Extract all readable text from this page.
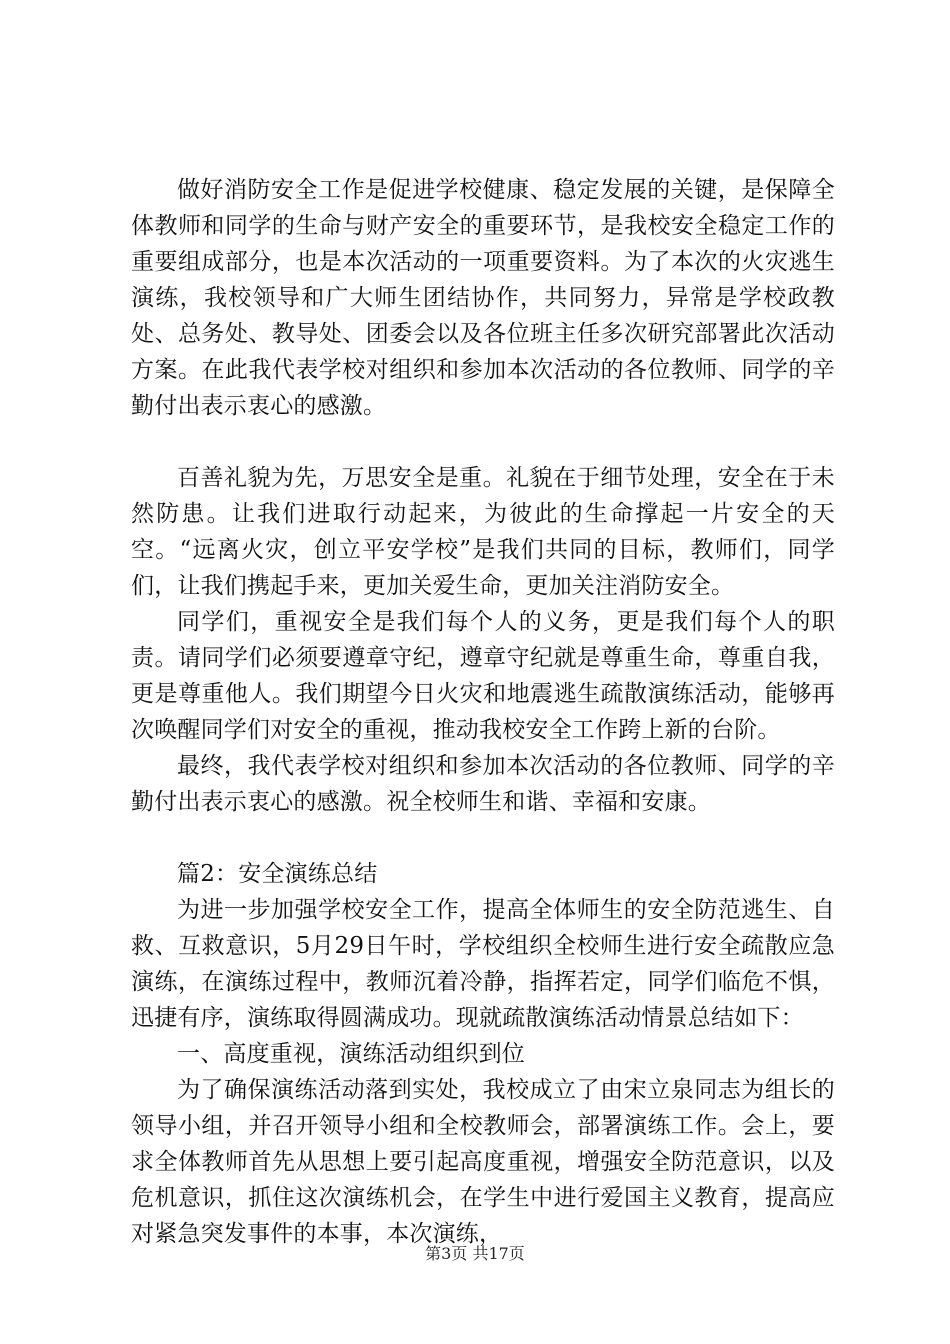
做好消防安全工作是促进学校健康、稳定发展的关键，是保障全体教师和同学的生命与财产安全的重要环节，是我校安全稳定工作的重要组成部分，也是本次活动的一项重要资料。为了本次的火灾逃生演练，我校领导和广大师生团结协作，共同努力，异常是学校政教处、总务处、教导处、团委会以及各位班主任多次研究部署此次活动方案。在此我代表学校对组织和参加本次活动的各位教师、同学的辛勤付出表示衷心的感激。

百善礼貌为先，万思安全是重。礼貌在于细节处理，安全在于未然防患。让我们进取行动起来，为彼此的生命撑起一片安全的天空。“远离火灾，创立平安学校”是我们共同的目标，教师们，同学们，让我们携起手来，更加关爱生命，更加关注消防安全。

同学们，重视安全是我们每个人的义务，更是我们每个人的职责。请同学们必须要遵章守纪，遵章守纪就是尊重生命，尊重自我，更是尊重他人。我们期望今日火灾和地震逃生疏散演练活动，能够再次唤醒同学们对安全的重视，推动我校安全工作跨上新的台阶。

最终，我代表学校对组织和参加本次活动的各位教师、同学的辛勤付出表示衷心的感激。祝全校师生和谐、幸福和安康。

篇2：安全演练总结

为进一步加强学校安全工作，提高全体师生的安全防范逃生、自救、互救意识，5月29日午时，学校组织全校师生进行安全疏散应急演练，在演练过程中，教师沉着冷静，指挥若定，同学们临危不惧，迅捷有序，演练取得圆满成功。现就疏散演练活动情景总结如下：

一、高度重视，演练活动组织到位

为了确保演练活动落到实处，我校成立了由宋立泉同志为组长的领导小组，并召开领导小组和全校教师会，部署演练工作。会上，要求全体教师首先从思想上要引起高度重视，增强安全防范意识，以及危机意识，抓住这次演练机会，在学生中进行爱国主义教育，提高应对紧急突发事件的本事，本次演练，

第3页 共17页
